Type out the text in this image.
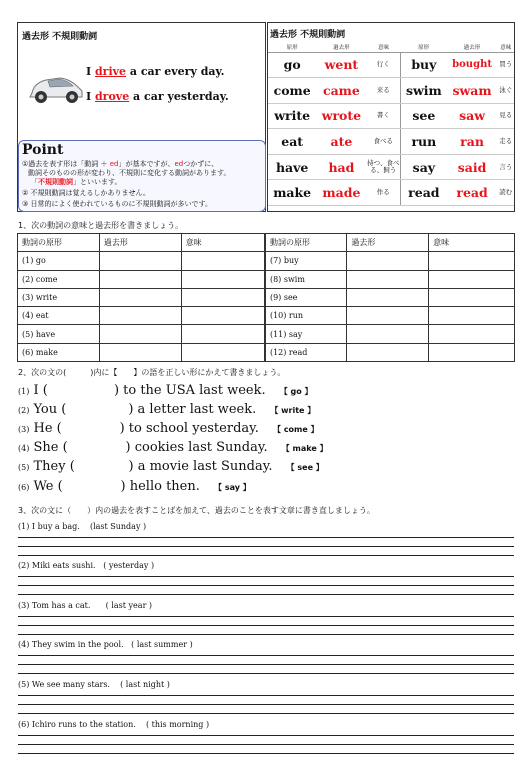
過去形 不規則動詞
I drive a car every day.
I drove a car yesterday.
Point
①過去を表す形は「動詞 ＋ ed」が基本ですが、edつかずに、
動詞そのものの形が変わり、不規則に変化する動詞があります。
「不規則動詞」といいます。
② 不規則動詞は覚えるしかありません。
③ 日常的によく使われているものに不規則動詞が多いです。
過去形 不規則動詞
原形	過去形	意味	原形	過去形	意味
go	went	行く	buy	bought	買う
come	came	来る	swim	swam	泳ぐ
write	wrote	書く	see	saw	見る
eat	ate	食べる	run	ran	走る
have	had	持つ、食べる、飼う	say	said	言う
make	made	作る	read	read	読む
1、次の動詞の意味と過去形を書きましょう。
動詞の原形	過去形	意味	動詞の原形	過去形	意味
(1) go			(7) buy		
(2) come			(8) swim		
(3) write			(9) see		
(4) eat			(10) run		
(5) have			(11) say		
(6) make			(12) read		
2、次の文の(　　　)内に【　　】の語を正しい形にかえて書きましょう。
(1) I (                ) to the USA last week. 【 go 】
(2) You (               ) a letter last week. 【 write 】
(3) He (              ) to school yesterday. 【 come 】
(4) She (              ) cookies last Sunday. 【 make 】
(5) They (             ) a movie last Sunday. 【 see 】
(6) We (              ) hello then. 【 say 】
3、次の文に（　　）内の過去を表すことばを加えて、過去のことを表す文章に書き直しましょう。
(1) I buy a bag.    (last Sunday )
(2) Miki eats sushi.   ( yesterday )
(3) Tom has a cat.      ( last year )
(4) They swim in the pool.   ( last summer )
(5) We see many stars.    ( last night )
(6) Ichiro runs to the station.    ( this morning )
